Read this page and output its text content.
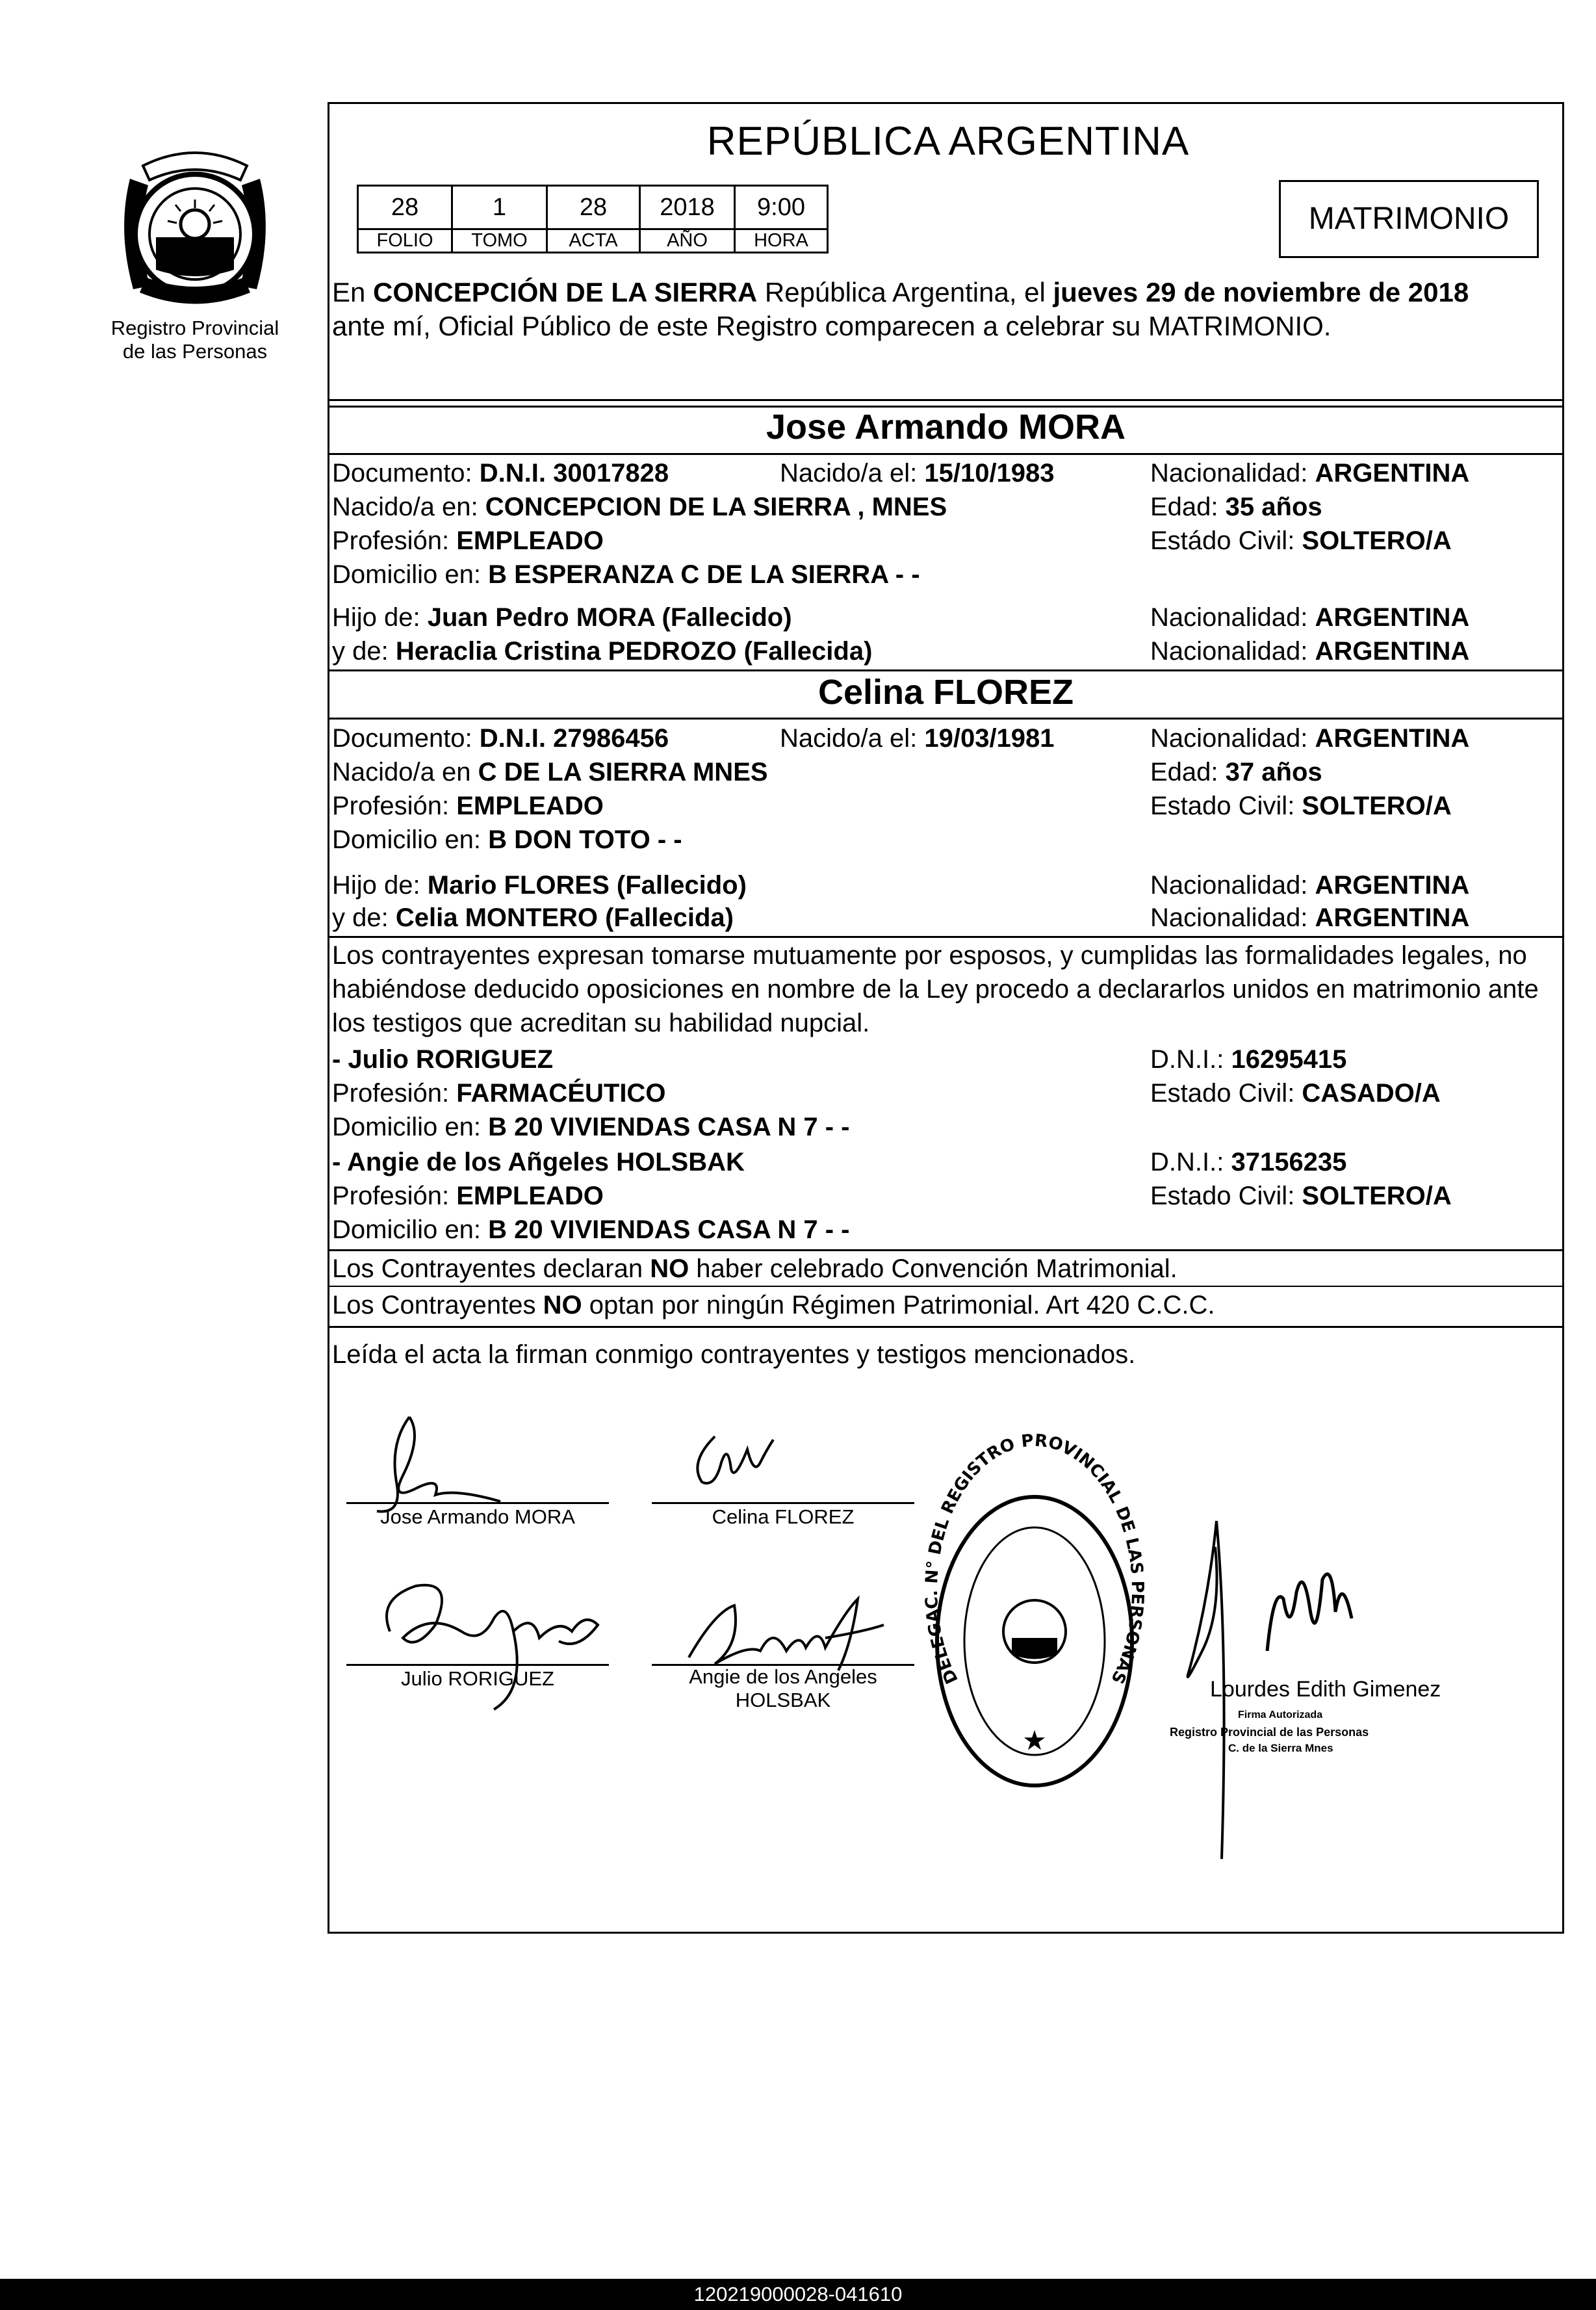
Registro Provincial
de las Personas
REPÚBLICA ARGENTINA
28	1	28	2018	9:00
FOLIO	TOMO	ACTA	AÑO	HORA
MATRIMONIO
En CONCEPCIÓN DE LA SIERRA República Argentina, el jueves 29 de noviembre de 2018
ante mí, Oficial Público de este Registro comparecen a celebrar su MATRIMONIO.
Jose Armando MORA
Documento: D.N.I. 30017828	Nacido/a el: 15/10/1983	Nacionalidad: ARGENTINA
Nacido/a en: CONCEPCION DE LA SIERRA , MNES	Edad: 35 años
Profesión: EMPLEADO	Estádo Civil: SOLTERO/A
Domicilio en: B ESPERANZA C DE LA SIERRA - -
Hijo de: Juan Pedro MORA (Fallecido)	Nacionalidad: ARGENTINA
y de: Heraclia Cristina PEDROZO (Fallecida)	Nacionalidad: ARGENTINA
Celina FLOREZ
Documento: D.N.I. 27986456	Nacido/a el: 19/03/1981	Nacionalidad: ARGENTINA
Nacido/a en C DE LA SIERRA MNES	Edad: 37 años
Profesión: EMPLEADO	Estado Civil: SOLTERO/A
Domicilio en: B DON TOTO - -
Hijo de: Mario FLORES (Fallecido)	Nacionalidad: ARGENTINA
y de: Celia MONTERO (Fallecida)	Nacionalidad: ARGENTINA
Los contrayentes expresan tomarse mutuamente por esposos, y cumplidas las formalidades legales, no
habiéndose deducido oposiciones en nombre de la Ley procedo a declararlos unidos en matrimonio ante
los testigos que acreditan su habilidad nupcial.
- Julio RORIGUEZ	D.N.I.: 16295415
Profesión: FARMACÉUTICO	Estado Civil: CASADO/A
Domicilio en: B 20 VIVIENDAS CASA N 7 - -
- Angie de los Añgeles HOLSBAK	D.N.I.: 37156235
Profesión: EMPLEADO	Estado Civil: SOLTERO/A
Domicilio en: B 20 VIVIENDAS CASA N 7 - -
Los Contrayentes declaran NO haber celebrado Convención Matrimonial.
Los Contrayentes NO optan por ningún Régimen Patrimonial. Art 420 C.C.C.
Leída el acta la firman conmigo contrayentes y testigos mencionados.
Jose Armando MORA	Celina FLOREZ
Julio RORIGUEZ	Angie de los Angeles
HOLSBAK
DELEGAC. N° DEL REGISTRO PROVINCIAL DE LAS PERSONAS
★
Lourdes Edith Gimenez
Firma Autorizada
Registro Provincial de las Personas
C. de la Sierra Mnes
120219000028-041610
